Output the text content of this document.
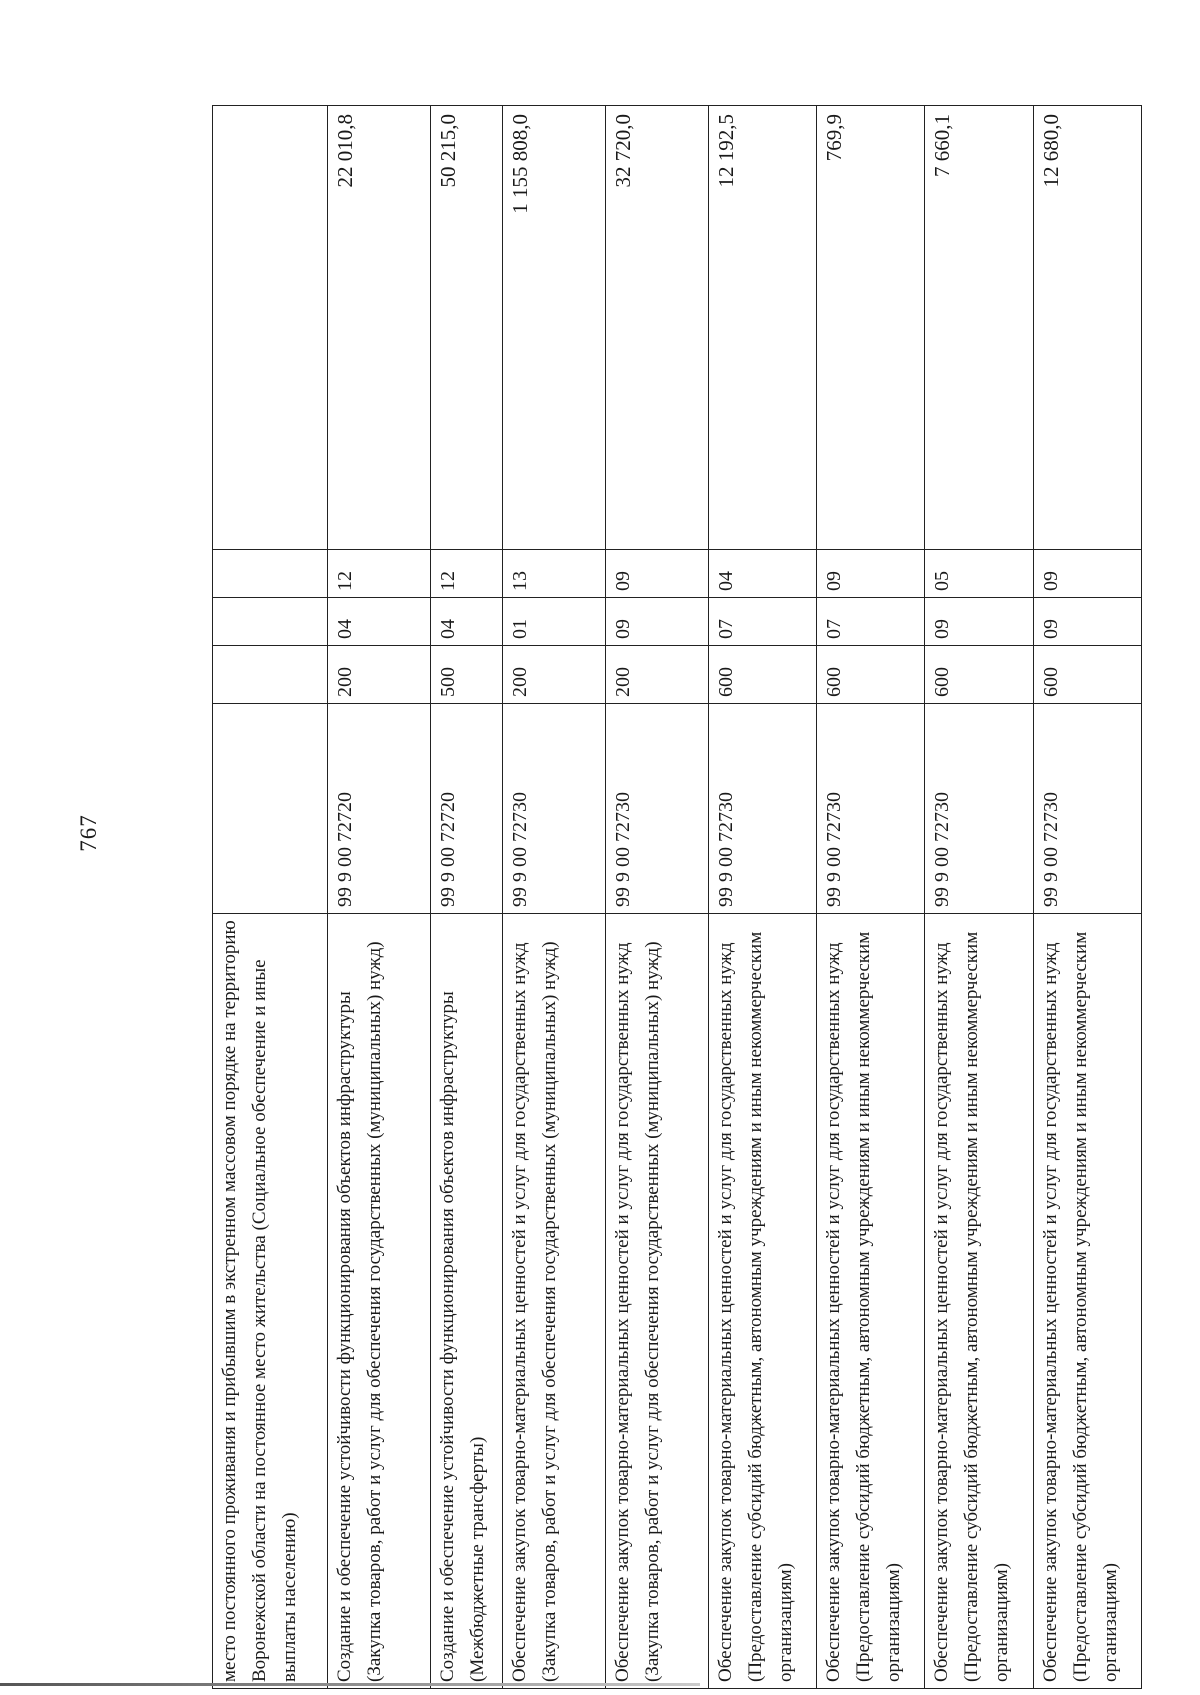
767
место постоянного проживания и прибывшим в экстренном массовом порядке на территорию Воронежской области на постоянное место жительства (Социальное обеспечение и иные выплаты населению)					
Создание и обеспечение устойчивости функционирования объектов инфраструктуры (Закупка товаров, работ и услуг для обеспечения государственных (муниципальных) нужд)	99 9 00 72720	200	04	12	22 010,8
Создание и обеспечение устойчивости функционирования объектов инфраструктуры (Межбюджетные трансферты)	99 9 00 72720	500	04	12	50 215,0
Обеспечение закупок товарно-материальных ценностей и услуг для государственных нужд (Закупка товаров, работ и услуг для обеспечения государственных (муниципальных) нужд)	99 9 00 72730	200	01	13	1 155 808,0
Обеспечение закупок товарно-материальных ценностей и услуг для государственных нужд (Закупка товаров, работ и услуг для обеспечения государственных (муниципальных) нужд)	99 9 00 72730	200	09	09	32 720,0
Обеспечение закупок товарно-материальных ценностей и услуг для государственных нужд (Предоставление субсидий бюджетным, автономным учреждениям и иным некоммерческим организациям)	99 9 00 72730	600	07	04	12 192,5
Обеспечение закупок товарно-материальных ценностей и услуг для государственных нужд (Предоставление субсидий бюджетным, автономным учреждениям и иным некоммерческим организациям)	99 9 00 72730	600	07	09	769,9
Обеспечение закупок товарно-материальных ценностей и услуг для государственных нужд (Предоставление субсидий бюджетным, автономным учреждениям и иным некоммерческим организациям)	99 9 00 72730	600	09	05	7 660,1
Обеспечение закупок товарно-материальных ценностей и услуг для государственных нужд (Предоставление субсидий бюджетным, автономным учреждениям и иным некоммерческим организациям)	99 9 00 72730	600	09	09	12 680,0
